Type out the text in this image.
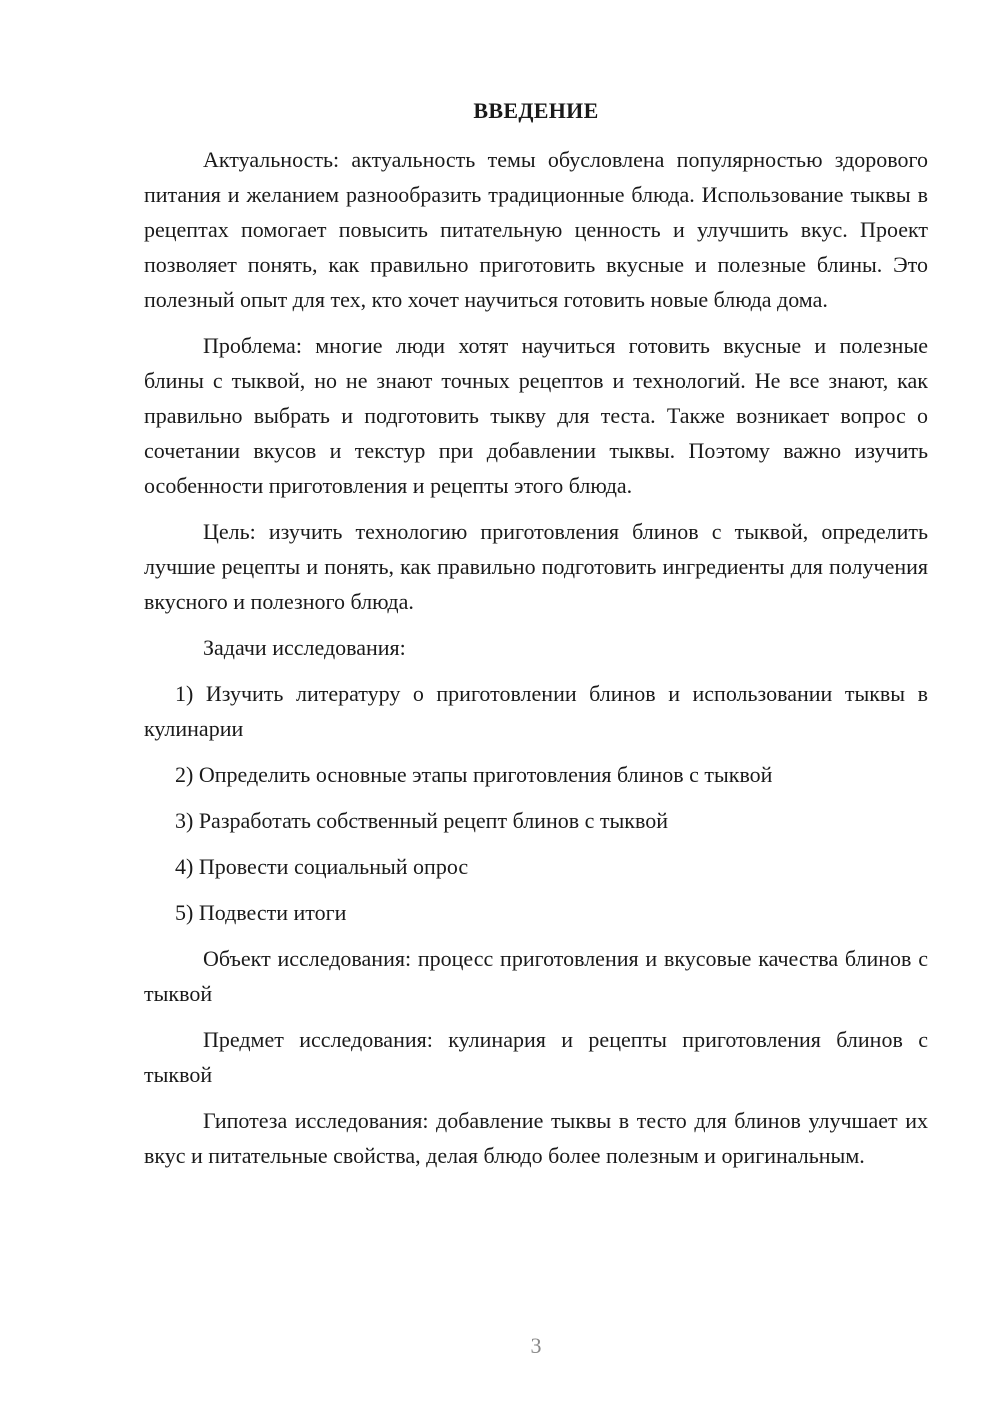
ВВЕДЕНИЕ

Актуальность: актуальность темы обусловлена популярностью здорового питания и желанием разнообразить традиционные блюда. Использование тыквы в рецептах помогает повысить питательную ценность и улучшить вкус. Проект позволяет понять, как правильно приготовить вкусные и полезные блины. Это полезный опыт для тех, кто хочет научиться готовить новые блюда дома.

Проблема: многие люди хотят научиться готовить вкусные и полезные блины с тыквой, но не знают точных рецептов и технологий. Не все знают, как правильно выбрать и подготовить тыкву для теста. Также возникает вопрос о сочетании вкусов и текстур при добавлении тыквы. Поэтому важно изучить особенности приготовления и рецепты этого блюда.

Цель: изучить технологию приготовления блинов с тыквой, определить лучшие рецепты и понять, как правильно подготовить ингредиенты для получения вкусного и полезного блюда.

Задачи исследования:

1) Изучить литературу о приготовлении блинов и использовании тыквы в кулинарии

2) Определить основные этапы приготовления блинов с тыквой

3) Разработать собственный рецепт блинов с тыквой

4) Провести социальный опрос

5) Подвести итоги

Объект исследования: процесс приготовления и вкусовые качества блинов с тыквой

Предмет исследования: кулинария и рецепты приготовления блинов с тыквой

Гипотеза исследования: добавление тыквы в тесто для блинов улучшает их вкус и питательные свойства, делая блюдо более полезным и оригинальным.

3
